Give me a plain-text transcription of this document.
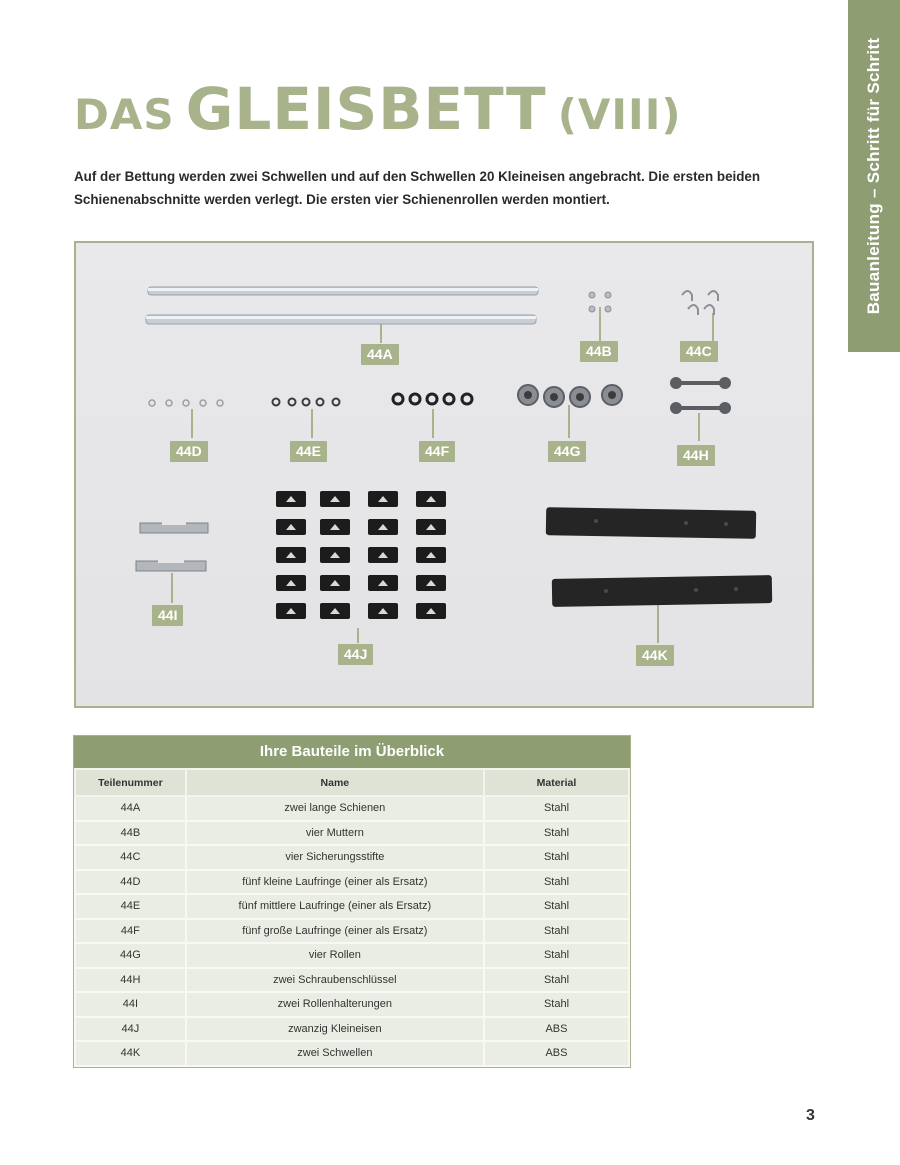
Bauanleitung – Schritt für Schritt
DAS GLEISBETT (VIII)

Auf der Bettung werden zwei Schwellen und auf den Schwellen 20 Kleineisen angebracht. Die ersten beiden Schienenabschnitte werden verlegt. Die ersten vier Schienenrollen werden montiert.

44A	44B	44C
44D	44E	44F	44G	44H
44I
44J	44K
Ihre Bauteile im Überblick
Teilenummer	Name	Material
44A	zwei lange Schienen	Stahl
44B	vier Muttern	Stahl
44C	vier Sicherungsstifte	Stahl
44D	fünf kleine Laufringe (einer als Ersatz)	Stahl
44E	fünf mittlere Laufringe (einer als Ersatz)	Stahl
44F	fünf große Laufringe (einer als Ersatz)	Stahl
44G	vier Rollen	Stahl
44H	zwei Schraubenschlüssel	Stahl
44I	zwei Rollenhalterungen	Stahl
44J	zwanzig Kleineisen	ABS
44K	zwei Schwellen	ABS
3
